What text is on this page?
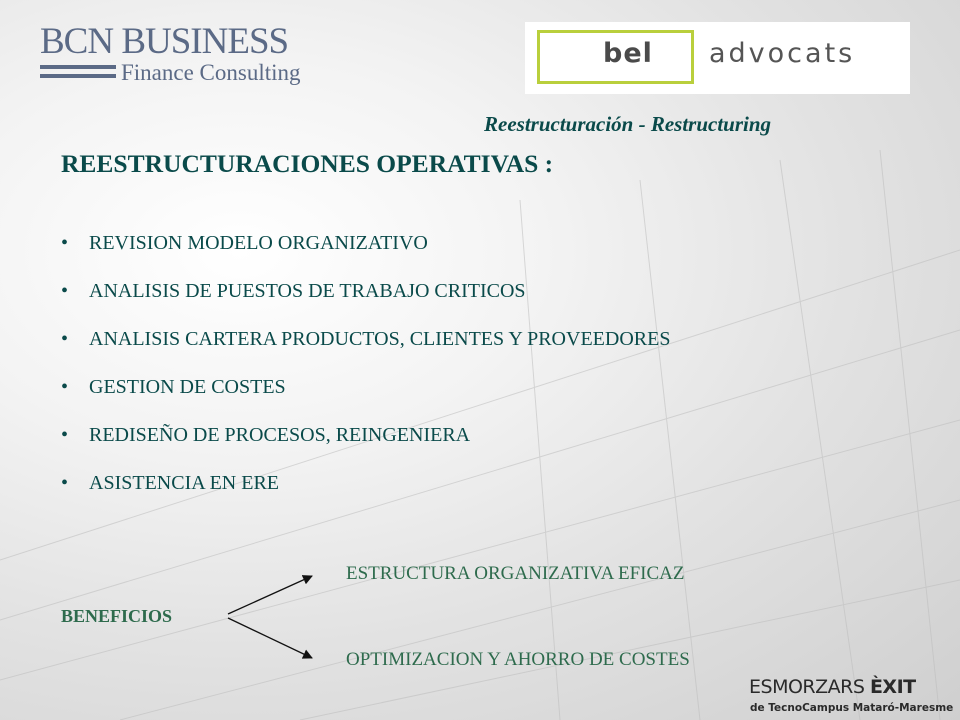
BCN BUSINESS
Finance Consulting
bel advocats
Reestructuración - Restructuring
REESTRUCTURACIONES OPERATIVAS :
• REVISION MODELO ORGANIZATIVO
• ANALISIS DE PUESTOS DE TRABAJO CRITICOS
• ANALISIS CARTERA PRODUCTOS, CLIENTES Y PROVEEDORES
• GESTION DE COSTES
• REDISEÑO DE PROCESOS, REINGENIERA
• ASISTENCIA EN ERE
ESTRUCTURA ORGANIZATIVA EFICAZ
BENEFICIOS
OPTIMIZACION Y AHORRO DE COSTES
ESMORZARS ÈXIT
de TecnoCampus Mataró-Maresme
